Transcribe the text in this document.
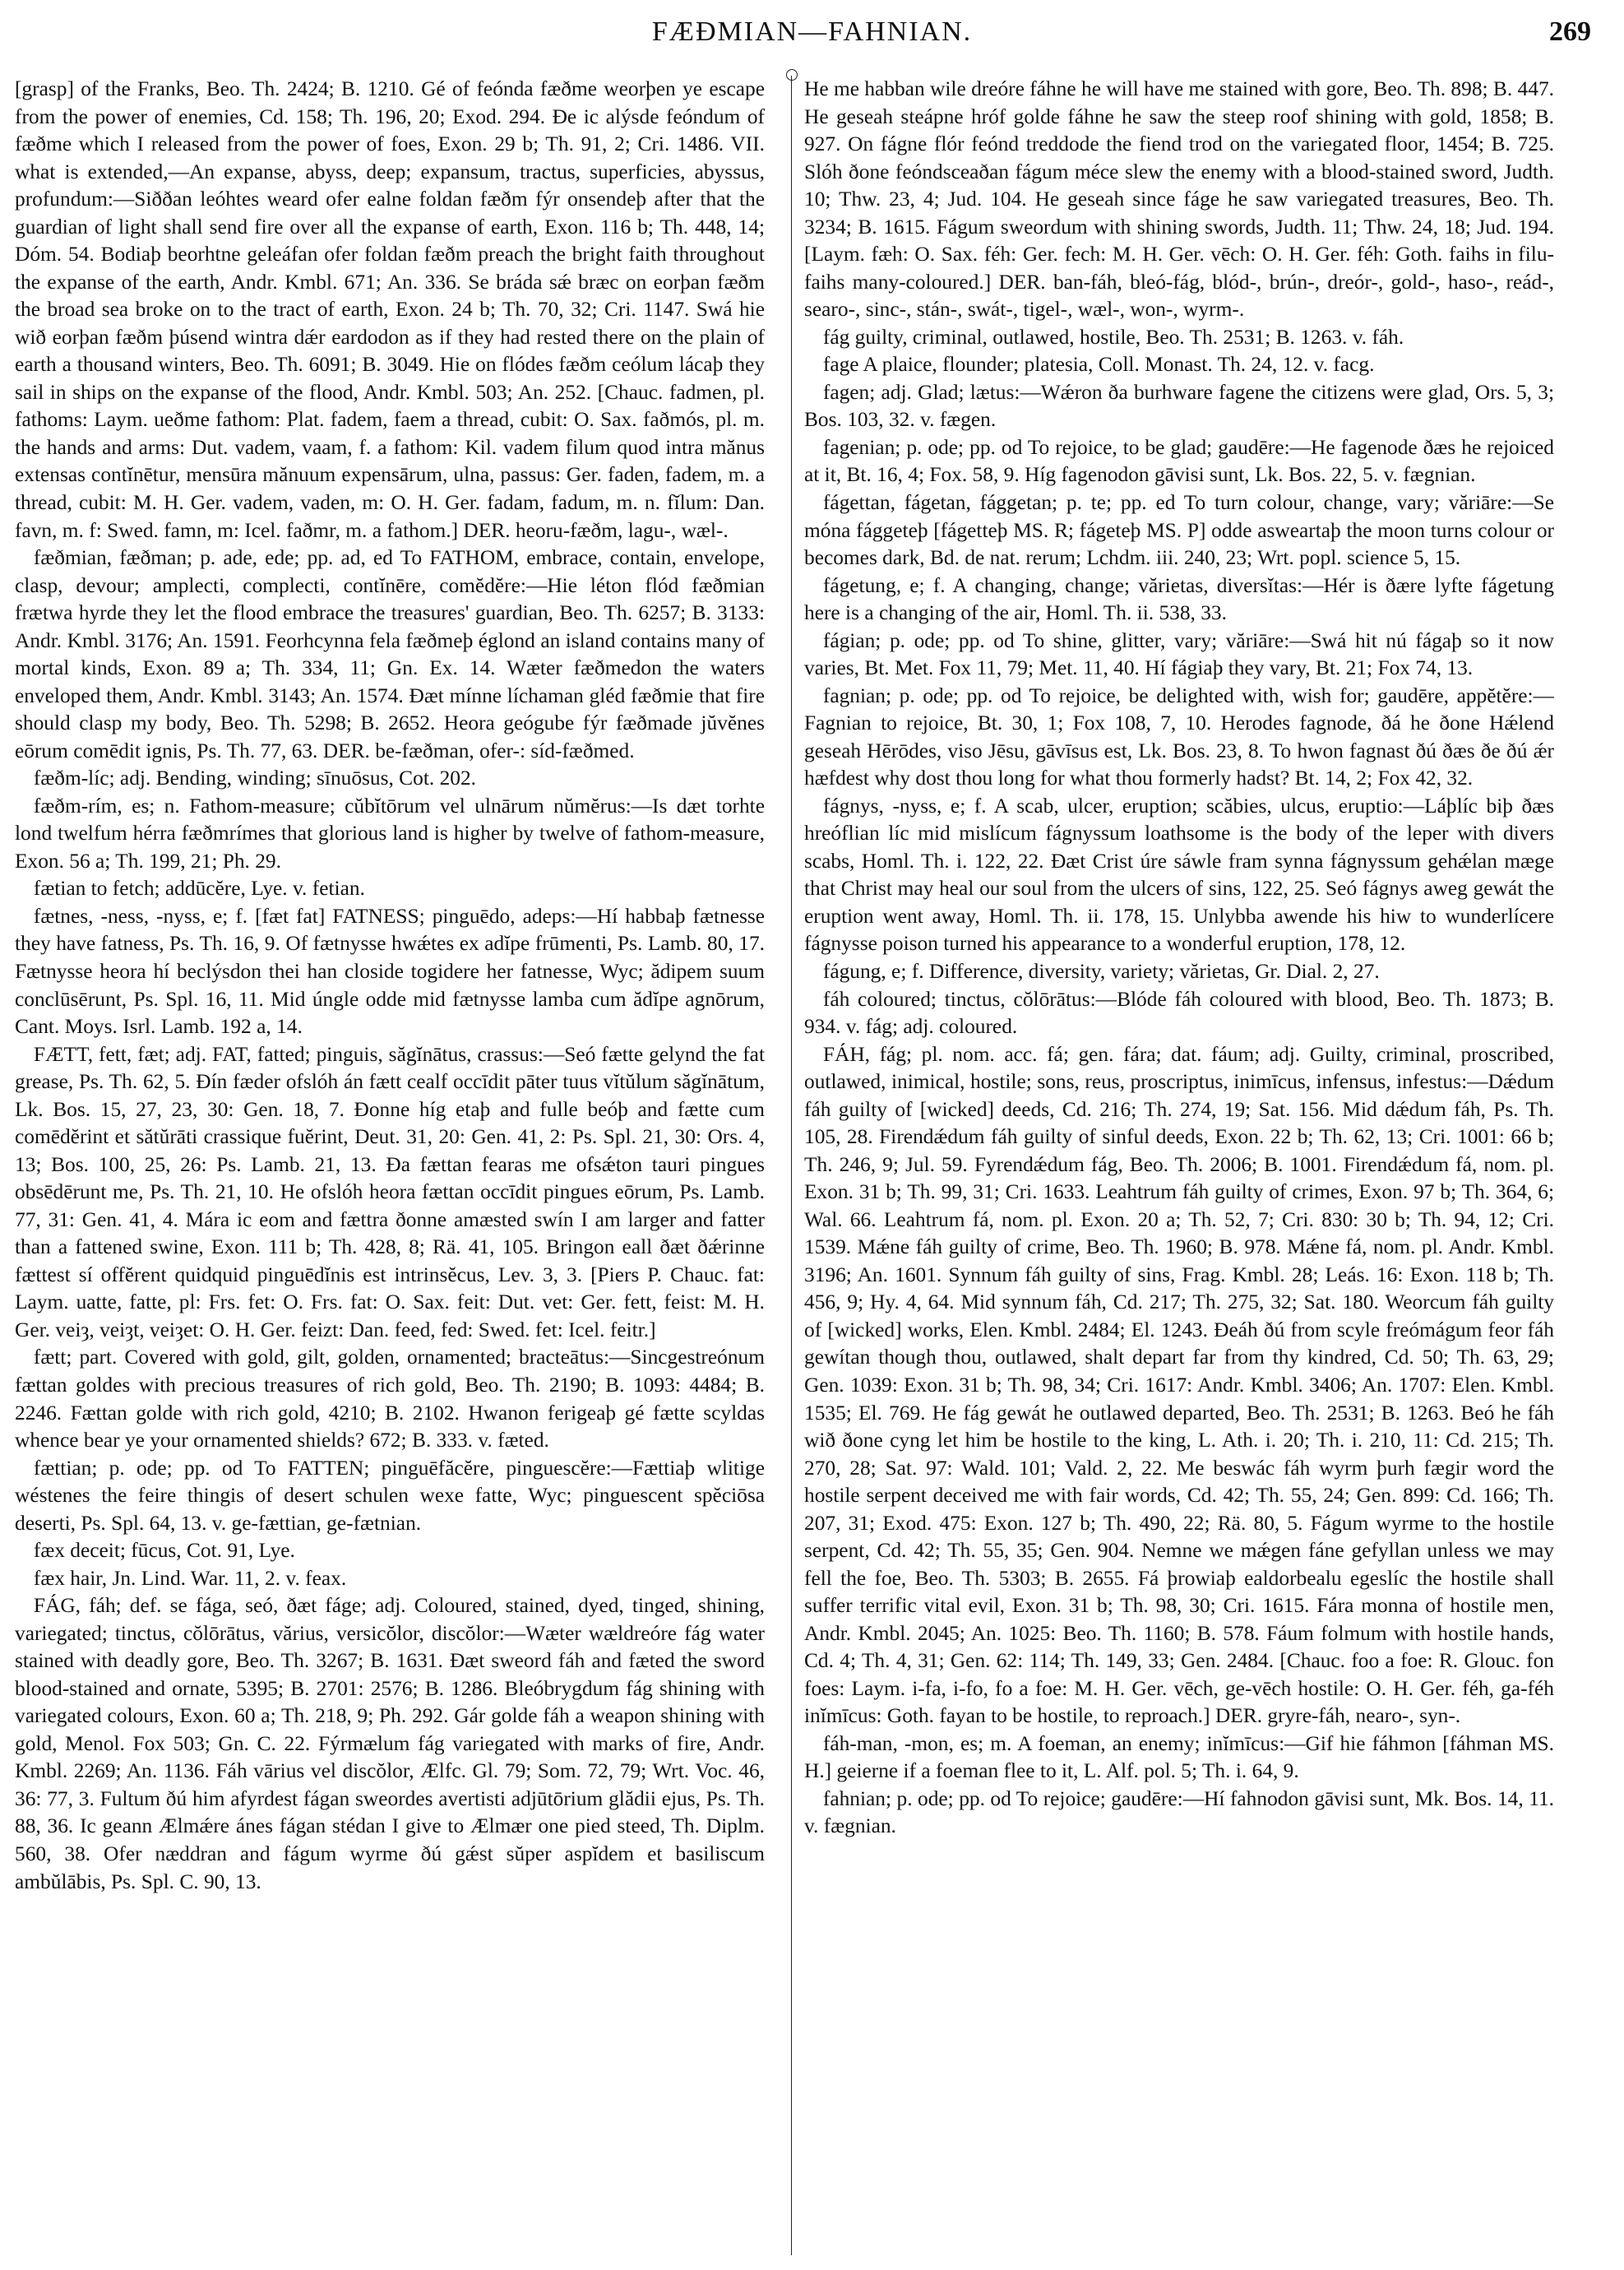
FÆÐMIAN—FAHNIAN.	269

[grasp] of the Franks, Beo. Th. 2424; B. 1210. Gé of feónda fæðme weorþen ye escape from the power of enemies, Cd. 158; Th. 196, 20; Exod. 294. Ðe ic alýsde feóndum of fæðme which I released from the power of foes, Exon. 29 b; Th. 91, 2; Cri. 1486. VII. what is extended,—An expanse, abyss, deep; expansum, tractus, superficies, abyssus, profundum:—Siððan leóhtes weard ofer ealne foldan fæðm fýr onsendeþ after that the guardian of light shall send fire over all the expanse of earth, Exon. 116 b; Th. 448, 14; Dóm. 54. Bodiaþ beorhtne geleáfan ofer foldan fæðm preach the bright faith throughout the expanse of the earth, Andr. Kmbl. 671; An. 336. Se bráda sǽ bræc on eorþan fæðm the broad sea broke on to the tract of earth, Exon. 24 b; Th. 70, 32; Cri. 1147. Swá hie wið eorþan fæðm þúsend wintra dǽr eardodon as if they had rested there on the plain of earth a thousand winters, Beo. Th. 6091; B. 3049. Hie on flódes fæðm ceólum lácaþ they sail in ships on the expanse of the flood, Andr. Kmbl. 503; An. 252. [Chauc. fadmen, pl. fathoms: Laym. ueðme fathom: Plat. fadem, faem a thread, cubit: O. Sax. faðmós, pl. m. the hands and arms: Dut. vadem, vaam, f. a fathom: Kil. vadem filum quod intra mănus extensas contĭnētur, mensūra mănuum expensārum, ulna, passus: Ger. faden, fadem, m. a thread, cubit: M. H. Ger. vadem, vaden, m: O. H. Ger. fadam, fadum, m. n. fĭlum: Dan. favn, m. f: Swed. famn, m: Icel. faðmr, m. a fathom.] DER. heoru-fæðm, lagu-, wæl-.

fæðmian, fæðman; p. ade, ede; pp. ad, ed To FATHOM, embrace, contain, envelope, clasp, devour; amplecti, complecti, contĭnēre, comĕdĕre:—Hie léton flód fæðmian frætwa hyrde they let the flood embrace the treasures' guardian, Beo. Th. 6257; B. 3133: Andr. Kmbl. 3176; An. 1591. Feorhcynna fela fæðmeþ églond an island contains many of mortal kinds, Exon. 89 a; Th. 334, 11; Gn. Ex. 14. Wæter fæðmedon the waters enveloped them, Andr. Kmbl. 3143; An. 1574. Ðæt mínne líchaman gléd fæðmie that fire should clasp my body, Beo. Th. 5298; B. 2652. Heora geógube fýr fæðmade jŭvĕnes eōrum comēdit ignis, Ps. Th. 77, 63. DER. be-fæðman, ofer-: síd-fæðmed.

fæðm-líc; adj. Bending, winding; sīnuōsus, Cot. 202.

fæðm-rím, es; n. Fathom-measure; cŭbĭtōrum vel ulnārum nŭmĕrus:—Is dæt torhte lond twelfum hérra fæðmrímes that glorious land is higher by twelve of fathom-measure, Exon. 56 a; Th. 199, 21; Ph. 29.

fætian to fetch; addūcĕre, Lye. v. fetian.

fætnes, -ness, -nyss, e; f. [fæt fat] FATNESS; pinguēdo, adeps:—Hí habbaþ fætnesse they have fatness, Ps. Th. 16, 9. Of fætnysse hwǽtes ex adĭpe frūmenti, Ps. Lamb. 80, 17. Fætnysse heora hí beclýsdon thei han closide togidere her fatnesse, Wyc; ădipem suum conclūsērunt, Ps. Spl. 16, 11. Mid úngle odde mid fætnysse lamba cum ădĭpe agnōrum, Cant. Moys. Isrl. Lamb. 192 a, 14.

FÆTT, fett, fæt; adj. FAT, fatted; pinguis, săgĭnātus, crassus:—Seó fætte gelynd the fat grease, Ps. Th. 62, 5. Ðín fæder ofslóh án fætt cealf occīdit pāter tuus vĭtŭlum săgĭnātum, Lk. Bos. 15, 27, 23, 30: Gen. 18, 7. Ðonne híg etaþ and fulle beóþ and fætte cum comēdĕrint et sătŭrāti crassique fuĕrint, Deut. 31, 20: Gen. 41, 2: Ps. Spl. 21, 30: Ors. 4, 13; Bos. 100, 25, 26: Ps. Lamb. 21, 13. Ða fættan fearas me ofsǽton tauri pingues obsēdērunt me, Ps. Th. 21, 10. He ofslóh heora fættan occīdit pingues eōrum, Ps. Lamb. 77, 31: Gen. 41, 4. Mára ic eom and fættra ðonne amæsted swín I am larger and fatter than a fattened swine, Exon. 111 b; Th. 428, 8; Rä. 41, 105. Bringon eall ðæt ðǽrinne fættest sí offĕrent quidquid pinguēdĭnis est intrinsĕcus, Lev. 3, 3. [Piers P. Chauc. fat: Laym. uatte, fatte, pl: Frs. fet: O. Frs. fat: O. Sax. feit: Dut. vet: Ger. fett, feist: M. H. Ger. veiȝ, veiȝt, veiȝet: O. H. Ger. feizt: Dan. feed, fed: Swed. fet: Icel. feitr.]

fætt; part. Covered with gold, gilt, golden, ornamented; bracteātus:—Sincgestreónum fættan goldes with precious treasures of rich gold, Beo. Th. 2190; B. 1093: 4484; B. 2246. Fættan golde with rich gold, 4210; B. 2102. Hwanon ferigeaþ gé fætte scyldas whence bear ye your ornamented shields? 672; B. 333. v. fæted.

fættian; p. ode; pp. od To FATTEN; pinguēfăcĕre, pinguescĕre:—Fættiaþ wlitige wéstenes the feire thingis of desert schulen wexe fatte, Wyc; pinguescent spĕciōsa deserti, Ps. Spl. 64, 13. v. ge-fættian, ge-fætnian.

fæx deceit; fūcus, Cot. 91, Lye.

fæx hair, Jn. Lind. War. 11, 2. v. feax.

FÁG, fáh; def. se fága, seó, ðæt fáge; adj. Coloured, stained, dyed, tinged, shining, variegated; tinctus, cŏlōrātus, vărius, versicŏlor, discŏlor:—Wæter wældreóre fág water stained with deadly gore, Beo. Th. 3267; B. 1631. Ðæt sweord fáh and fæted the sword blood-stained and ornate, 5395; B. 2701: 2576; B. 1286. Bleóbrygdum fág shining with variegated colours, Exon. 60 a; Th. 218, 9; Ph. 292. Gár golde fáh a weapon shining with gold, Menol. Fox 503; Gn. C. 22. Fýrmælum fág variegated with marks of fire, Andr. Kmbl. 2269; An. 1136. Fáh vārius vel discŏlor, Ælfc. Gl. 79; Som. 72, 79; Wrt. Voc. 46, 36: 77, 3. Fultum ðú him afyrdest fágan sweordes avertisti adjūtōrium glădii ejus, Ps. Th. 88, 36. Ic geann Ælmǽre ánes fágan stédan I give to Ælmær one pied steed, Th. Diplm. 560, 38. Ofer næddran and fágum wyrme ðú gǽst sŭper aspĭdem et basiliscum ambŭlābis, Ps. Spl. C. 90, 13.

He me habban wile dreóre fáhne he will have me stained with gore, Beo. Th. 898; B. 447. He geseah steápne hróf golde fáhne he saw the steep roof shining with gold, 1858; B. 927. On fágne flór feónd treddode the fiend trod on the variegated floor, 1454; B. 725. Slóh ðone feóndsceaðan fágum méce slew the enemy with a blood-stained sword, Judth. 10; Thw. 23, 4; Jud. 104. He geseah since fáge he saw variegated treasures, Beo. Th. 3234; B. 1615. Fágum sweordum with shining swords, Judth. 11; Thw. 24, 18; Jud. 194. [Laym. fæh: O. Sax. féh: Ger. fech: M. H. Ger. vēch: O. H. Ger. féh: Goth. faihs in filu-faihs many-coloured.] DER. ban-fáh, bleó-fág, blód-, brún-, dreór-, gold-, haso-, reád-, searo-, sinc-, stán-, swát-, tigel-, wæl-, won-, wyrm-.

fág guilty, criminal, outlawed, hostile, Beo. Th. 2531; B. 1263. v. fáh.

fage A plaice, flounder; platesia, Coll. Monast. Th. 24, 12. v. facg.

fagen; adj. Glad; lætus:—Wǽron ða burhware fagene the citizens were glad, Ors. 5, 3; Bos. 103, 32. v. fægen.

fagenian; p. ode; pp. od To rejoice, to be glad; gaudēre:—He fagenode ðæs he rejoiced at it, Bt. 16, 4; Fox. 58, 9. Híg fagenodon gāvisi sunt, Lk. Bos. 22, 5. v. fægnian.

fágettan, fágetan, fággetan; p. te; pp. ed To turn colour, change, vary; văriāre:—Se móna fággeteþ [fágetteþ MS. R; fágeteþ MS. P] odde asweartaþ the moon turns colour or becomes dark, Bd. de nat. rerum; Lchdm. iii. 240, 23; Wrt. popl. science 5, 15.

fágetung, e; f. A changing, change; vărietas, diversĭtas:—Hér is ðære lyfte fágetung here is a changing of the air, Homl. Th. ii. 538, 33.

fágian; p. ode; pp. od To shine, glitter, vary; văriāre:—Swá hit nú fágaþ so it now varies, Bt. Met. Fox 11, 79; Met. 11, 40. Hí fágiaþ they vary, Bt. 21; Fox 74, 13.

fagnian; p. ode; pp. od To rejoice, be delighted with, wish for; gaudēre, appĕtĕre:—Fagnian to rejoice, Bt. 30, 1; Fox 108, 7, 10. Herodes fagnode, ðá he ðone Hǽlend geseah Hērōdes, viso Jēsu, gāvīsus est, Lk. Bos. 23, 8. To hwon fagnast ðú ðæs ðe ðú ǽr hæfdest why dost thou long for what thou formerly hadst? Bt. 14, 2; Fox 42, 32.

fágnys, -nyss, e; f. A scab, ulcer, eruption; scăbies, ulcus, eruptio:—Láþlíc biþ ðæs hreóflian líc mid mislícum fágnyssum loathsome is the body of the leper with divers scabs, Homl. Th. i. 122, 22. Ðæt Crist úre sáwle fram synna fágnyssum gehǽlan mæge that Christ may heal our soul from the ulcers of sins, 122, 25. Seó fágnys aweg gewát the eruption went away, Homl. Th. ii. 178, 15. Unlybba awende his hiw to wunderlícere fágnysse poison turned his appearance to a wonderful eruption, 178, 12.

fágung, e; f. Difference, diversity, variety; vărietas, Gr. Dial. 2, 27.

fáh coloured; tinctus, cŏlōrātus:—Blóde fáh coloured with blood, Beo. Th. 1873; B. 934. v. fág; adj. coloured.

FÁH, fág; pl. nom. acc. fá; gen. fára; dat. fáum; adj. Guilty, criminal, proscribed, outlawed, inimical, hostile; sons, reus, proscriptus, inimīcus, infensus, infestus:—Dǽdum fáh guilty of [wicked] deeds, Cd. 216; Th. 274, 19; Sat. 156. Mid dǽdum fáh, Ps. Th. 105, 28. Firendǽdum fáh guilty of sinful deeds, Exon. 22 b; Th. 62, 13; Cri. 1001: 66 b; Th. 246, 9; Jul. 59. Fyrendǽdum fág, Beo. Th. 2006; B. 1001. Firendǽdum fá, nom. pl. Exon. 31 b; Th. 99, 31; Cri. 1633. Leahtrum fáh guilty of crimes, Exon. 97 b; Th. 364, 6; Wal. 66. Leahtrum fá, nom. pl. Exon. 20 a; Th. 52, 7; Cri. 830: 30 b; Th. 94, 12; Cri. 1539. Mǽne fáh guilty of crime, Beo. Th. 1960; B. 978. Mǽne fá, nom. pl. Andr. Kmbl. 3196; An. 1601. Synnum fáh guilty of sins, Frag. Kmbl. 28; Leás. 16: Exon. 118 b; Th. 456, 9; Hy. 4, 64. Mid synnum fáh, Cd. 217; Th. 275, 32; Sat. 180. Weorcum fáh guilty of [wicked] works, Elen. Kmbl. 2484; El. 1243. Ðeáh ðú from scyle freómágum feor fáh gewítan though thou, outlawed, shalt depart far from thy kindred, Cd. 50; Th. 63, 29; Gen. 1039: Exon. 31 b; Th. 98, 34; Cri. 1617: Andr. Kmbl. 3406; An. 1707: Elen. Kmbl. 1535; El. 769. He fág gewát he outlawed departed, Beo. Th. 2531; B. 1263. Beó he fáh wið ðone cyng let him be hostile to the king, L. Ath. i. 20; Th. i. 210, 11: Cd. 215; Th. 270, 28; Sat. 97: Wald. 101; Vald. 2, 22. Me beswác fáh wyrm þurh fægir word the hostile serpent deceived me with fair words, Cd. 42; Th. 55, 24; Gen. 899: Cd. 166; Th. 207, 31; Exod. 475: Exon. 127 b; Th. 490, 22; Rä. 80, 5. Fágum wyrme to the hostile serpent, Cd. 42; Th. 55, 35; Gen. 904. Nemne we mǽgen fáne gefyllan unless we may fell the foe, Beo. Th. 5303; B. 2655. Fá þrowiaþ ealdorbealu egeslíc the hostile shall suffer terrific vital evil, Exon. 31 b; Th. 98, 30; Cri. 1615. Fára monna of hostile men, Andr. Kmbl. 2045; An. 1025: Beo. Th. 1160; B. 578. Fáum folmum with hostile hands, Cd. 4; Th. 4, 31; Gen. 62: 114; Th. 149, 33; Gen. 2484. [Chauc. foo a foe: R. Glouc. fon foes: Laym. i-fa, i-fo, fo a foe: M. H. Ger. vēch, ge-vēch hostile: O. H. Ger. féh, ga-féh inĭmīcus: Goth. fayan to be hostile, to reproach.] DER. gryre-fáh, nearo-, syn-.

fáh-man, -mon, es; m. A foeman, an enemy; inĭmīcus:—Gif hie fáhmon [fáhman MS. H.] geierne if a foeman flee to it, L. Alf. pol. 5; Th. i. 64, 9.

fahnian; p. ode; pp. od To rejoice; gaudēre:—Hí fahnodon gāvisi sunt, Mk. Bos. 14, 11. v. fægnian.
